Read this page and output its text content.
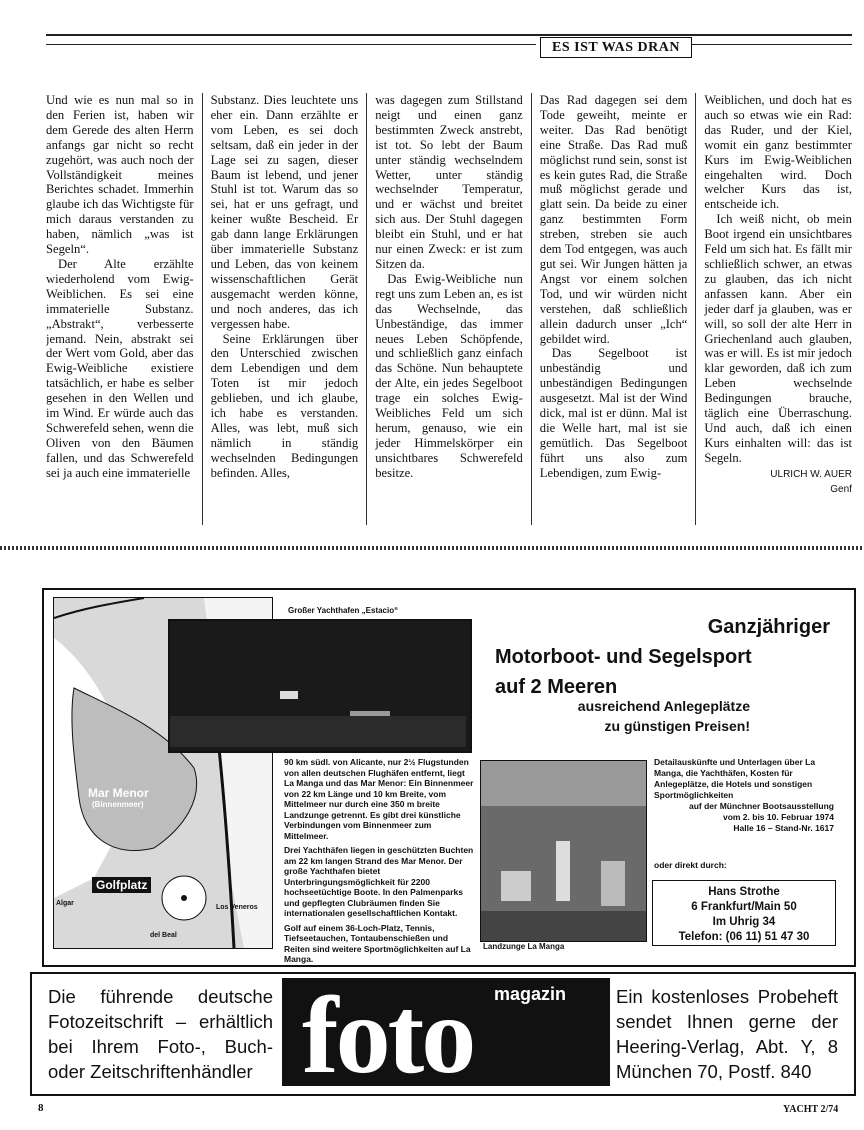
ES IST WAS DRAN

Und wie es nun mal so in den Ferien ist, haben wir dem Gerede des alten Herrn anfangs gar nicht so recht zugehört, was auch noch der Vollständigkeit meines Berichtes schadet. Immerhin glaube ich das Wichtigste für mich daraus verstanden zu haben, nämlich „was ist Segeln“.

Der Alte erzählte wiederholend vom Ewig-Weiblichen. Es sei eine immaterielle Substanz. „Abstrakt“, verbesserte jemand. Nein, abstrakt sei der Wert vom Gold, aber das Ewig-Weibliche existiere tatsächlich, er habe es selber gesehen in den Wellen und im Wind. Er würde auch das Schwerefeld sehen, wenn die Oliven von den Bäumen fallen, und das Schwerefeld sei ja auch eine immaterielle

Substanz. Dies leuchtete uns eher ein. Dann erzählte er vom Leben, es sei doch seltsam, daß ein jeder in der Lage sei zu sagen, dieser Baum ist lebend, und jener Stuhl ist tot. Warum das so sei, hat er uns gefragt, und keiner wußte Bescheid. Er gab dann lange Erklärungen über immaterielle Substanz und Leben, das von keinem wissenschaftlichen Gerät ausgemacht werden könne, und noch anderes, das ich vergessen habe.

Seine Erklärungen über den Unterschied zwischen dem Lebendigen und dem Toten ist mir jedoch geblieben, und ich glaube, ich habe es verstanden. Alles, was lebt, muß sich nämlich in ständig wechselnden Bedingungen befinden. Alles,

was dagegen zum Stillstand neigt und einen ganz bestimmten Zweck anstrebt, ist tot. So lebt der Baum unter ständig wechselndem Wetter, unter ständig wechselnder Temperatur, und er wächst und breitet sich aus. Der Stuhl dagegen bleibt ein Stuhl, und er hat nur einen Zweck: er ist zum Sitzen da.

Das Ewig-Weibliche nun regt uns zum Leben an, es ist das Wechselnde, das Unbeständige, das immer neues Leben Schöpfende, und schließlich ganz einfach das Schöne. Nun behauptete der Alte, ein jedes Segelboot trage ein solches Ewig-Weibliches Feld um sich herum, genauso, wie ein jeder Himmelskörper ein unsichtbares Schwerefeld besitze.

Das Rad dagegen sei dem Tode geweiht, meinte er weiter. Das Rad benötigt eine Straße. Das Rad muß möglichst rund sein, sonst ist es kein gutes Rad, die Straße muß möglichst gerade und glatt sein. Da beide zu einer ganz bestimmten Form streben, streben sie auch dem Tod entgegen, was auch gut sei. Wir Jungen hätten ja Angst vor einem solchen Tod, und wir würden nicht verstehen, daß schließlich allein dadurch unser „Ich“ gebildet wird.

Das Segelboot ist unbeständig und unbeständigen Bedingungen ausgesetzt. Mal ist der Wind dick, mal ist er dünn. Mal ist die Welle hart, mal ist sie gemütlich. Das Segelboot führt uns also zum Lebendigen, zum Ewig-

Weiblichen, und doch hat es auch so etwas wie ein Rad: das Ruder, und der Kiel, womit ein ganz bestimmter Kurs im Ewig-Weiblichen eingehalten wird. Doch welcher Kurs das ist, entscheide ich.

Ich weiß nicht, ob mein Boot irgend ein unsichtbares Feld um sich hat. Es fällt mir schließlich schwer, an etwas zu glauben, das ich nicht anfassen kann. Aber ein jeder darf ja glauben, was er will, so soll der alte Herr in Griechenland auch glauben, was er will. Es ist mir jedoch klar geworden, daß ich zum Leben wechselnde Bedingungen brauche, täglich eine Überraschung. Und auch, daß ich einen Kurs einhalten will: das ist Segeln.

ULRICH W. AUER
Genf
Mar Menor
(Binnenmeer)
Los Veneros
del Beal
Algar
Golfplatz
Großer Yachthafen „Estacio“
Ganzjähriger
Motorboot- und Segelsport
auf 2 Meeren
ausreichend Anlegeplätze
zu günstigen Preisen!

90 km südl. von Alicante, nur 2½ Flugstunden von allen deutschen Flughäfen entfernt, liegt La Manga und das Mar Menor: Ein Binnenmeer von 22 km Länge und 10 km Breite, vom Mittelmeer nur durch eine 350 m breite Landzunge getrennt. Es gibt drei künstliche Verbindungen vom Binnenmeer zum Mittelmeer.

Drei Yachthäfen liegen in geschützten Buchten am 22 km langen Strand des Mar Menor. Der große Yachthafen bietet Unterbringungsmöglichkeit für 2200 hochseetüchtige Boote. In den Palmenparks und gepflegten Clubräumen finden Sie internationalen gesellschaftlichen Kontakt.

Golf auf einem 36-Loch-Platz, Tennis, Tiefseetauchen, Tontaubenschießen und Reiten sind weitere Sportmöglichkeiten auf La Manga.

Landzunge La Manga
Detailauskünfte und Unterlagen über La Manga, die Yachthäfen, Kosten für Anlegeplätze, die Hotels und sonstigen Sportmöglichkeiten
auf der Münchner Bootsausstellung
vom 2. bis 10. Februar 1974
Halle 16 – Stand-Nr. 1617
oder direkt durch:
Hans Strothe
6 Frankfurt/Main 50
Im Uhrig 34
Telefon: (06 11) 51 47 30
Die führende deutsche Fotozeitschrift – erhältlich bei Ihrem Foto-, Buch- oder Zeitschriftenhändler foto magazin	Ein kostenloses Probeheft sendet Ihnen gerne der Heering-Verlag, Abt. Y, 8 München 70, Postf. 840
8	YACHT 2/74
